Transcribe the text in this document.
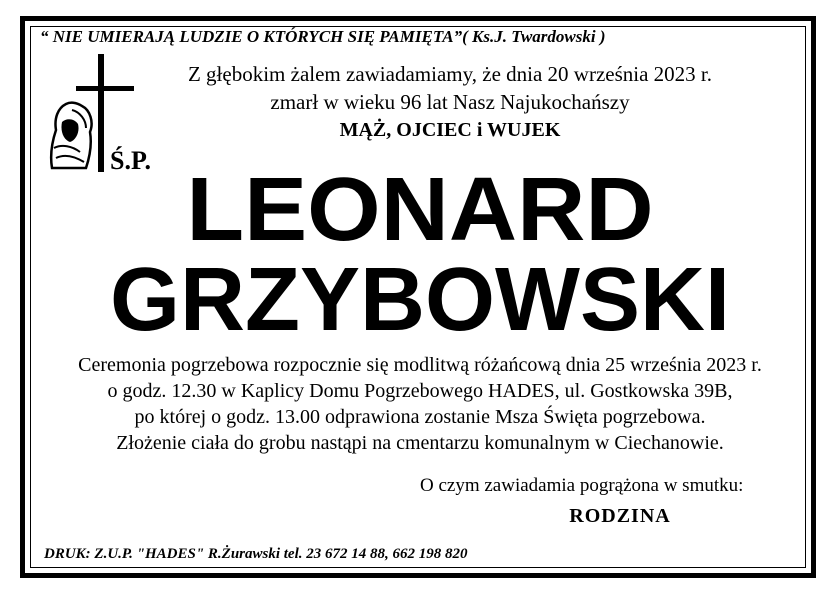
“ NIE UMIERAJĄ LUDZIE O KTÓRYCH SIĘ PAMIĘTA”( Ks.J. Twardowski )
Ś.P.
Z głębokim żalem zawiadamiamy, że dnia 20 września 2023 r.
zmarł w wieku 96 lat Nasz Najukochańszy
MĄŻ, OJCIEC i WUJEK
LEONARD
GRZYBOWSKI
Ceremonia pogrzebowa rozpocznie się modlitwą różańcową dnia 25 września 2023 r.
o godz. 12.30 w Kaplicy Domu Pogrzebowego HADES, ul. Gostkowska 39B,
po której o godz. 13.00 odprawiona zostanie Msza Święta pogrzebowa.
Złożenie ciała do grobu nastąpi na cmentarzu komunalnym w Ciechanowie.
O czym zawiadamia pogrążona w smutku:
RODZINA
DRUK: Z.U.P. "HADES" R.Żurawski tel. 23 672 14 88, 662 198 820
